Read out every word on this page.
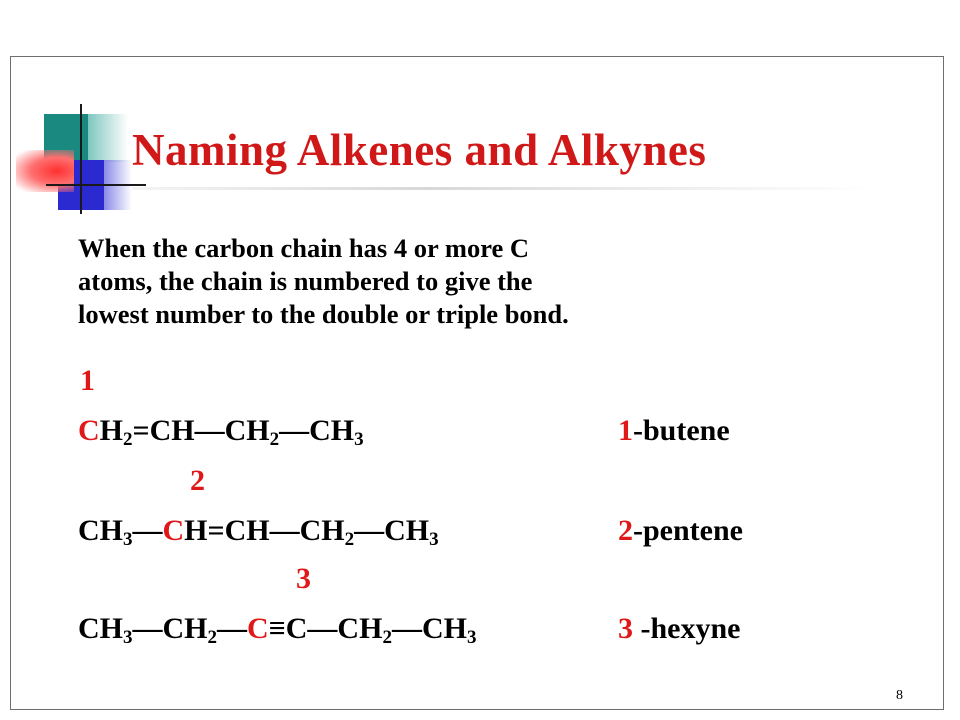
Naming Alkenes and Alkynes

When the carbon chain has 4 or more C
atoms, the chain is numbered to give the
lowest number to the double or triple bond.

1
$CH_2=CH—CH_2—CH_3$	1-butene
2
$CH_3—CH=CH—CH_2—CH_3$	2-pentene
3
$CH_3—CH_2—C\equiv C—CH_2—CH_3$	3 -hexyne
8
